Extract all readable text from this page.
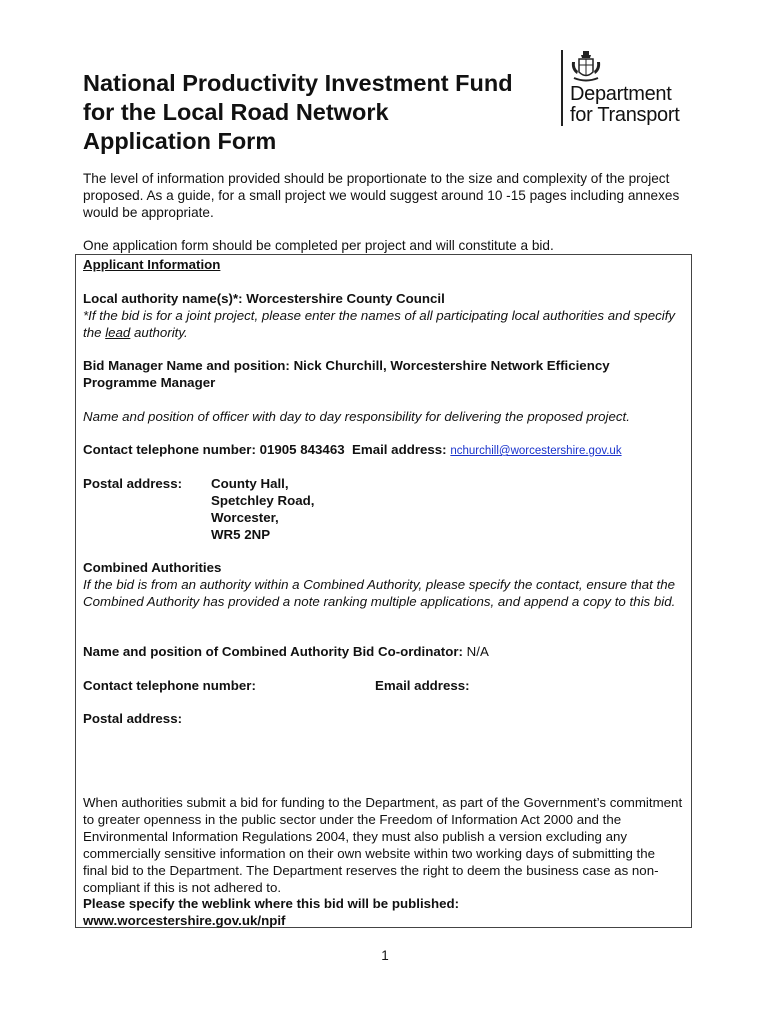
National Productivity Investment Fund
for the Local Road Network
Application Form
Department
for Transport

The level of information provided should be proportionate to the size and complexity of the project proposed. As a guide, for a small project we would suggest around 10 -15 pages including annexes would be appropriate.

One application form should be completed per project and will constitute a bid.

Applicant Information

Local authority name(s)*: Worcestershire County Council

*If the bid is for a joint project, please enter the names of all participating local authorities and specify the lead authority.

Bid Manager Name and position: Nick Churchill, Worcestershire Network Efficiency
Programme Manager

Name and position of officer with day to day responsibility for delivering the proposed project.

Contact telephone number: 01905 843463 Email address: nchurchill@worcestershire.gov.uk

Postal address: County Hall,
Spetchley Road,
Worcester,
WR5 2NP

Combined Authorities

If the bid is from an authority within a Combined Authority, please specify the contact, ensure that the Combined Authority has provided a note ranking multiple applications, and append a copy to this bid.

Name and position of Combined Authority Bid Co-ordinator: N/A

Contact telephone number:	Email address:

Postal address:

When authorities submit a bid for funding to the Department, as part of the Government’s commitment to greater openness in the public sector under the Freedom of Information Act 2000 and the Environmental Information Regulations 2004, they must also publish a version excluding any commercially sensitive information on their own website within two working days of submitting the final bid to the Department. The Department reserves the right to deem the business case as non-compliant if this is not adhered to.

Please specify the weblink where this bid will be published:

www.worcestershire.gov.uk/npif

1
